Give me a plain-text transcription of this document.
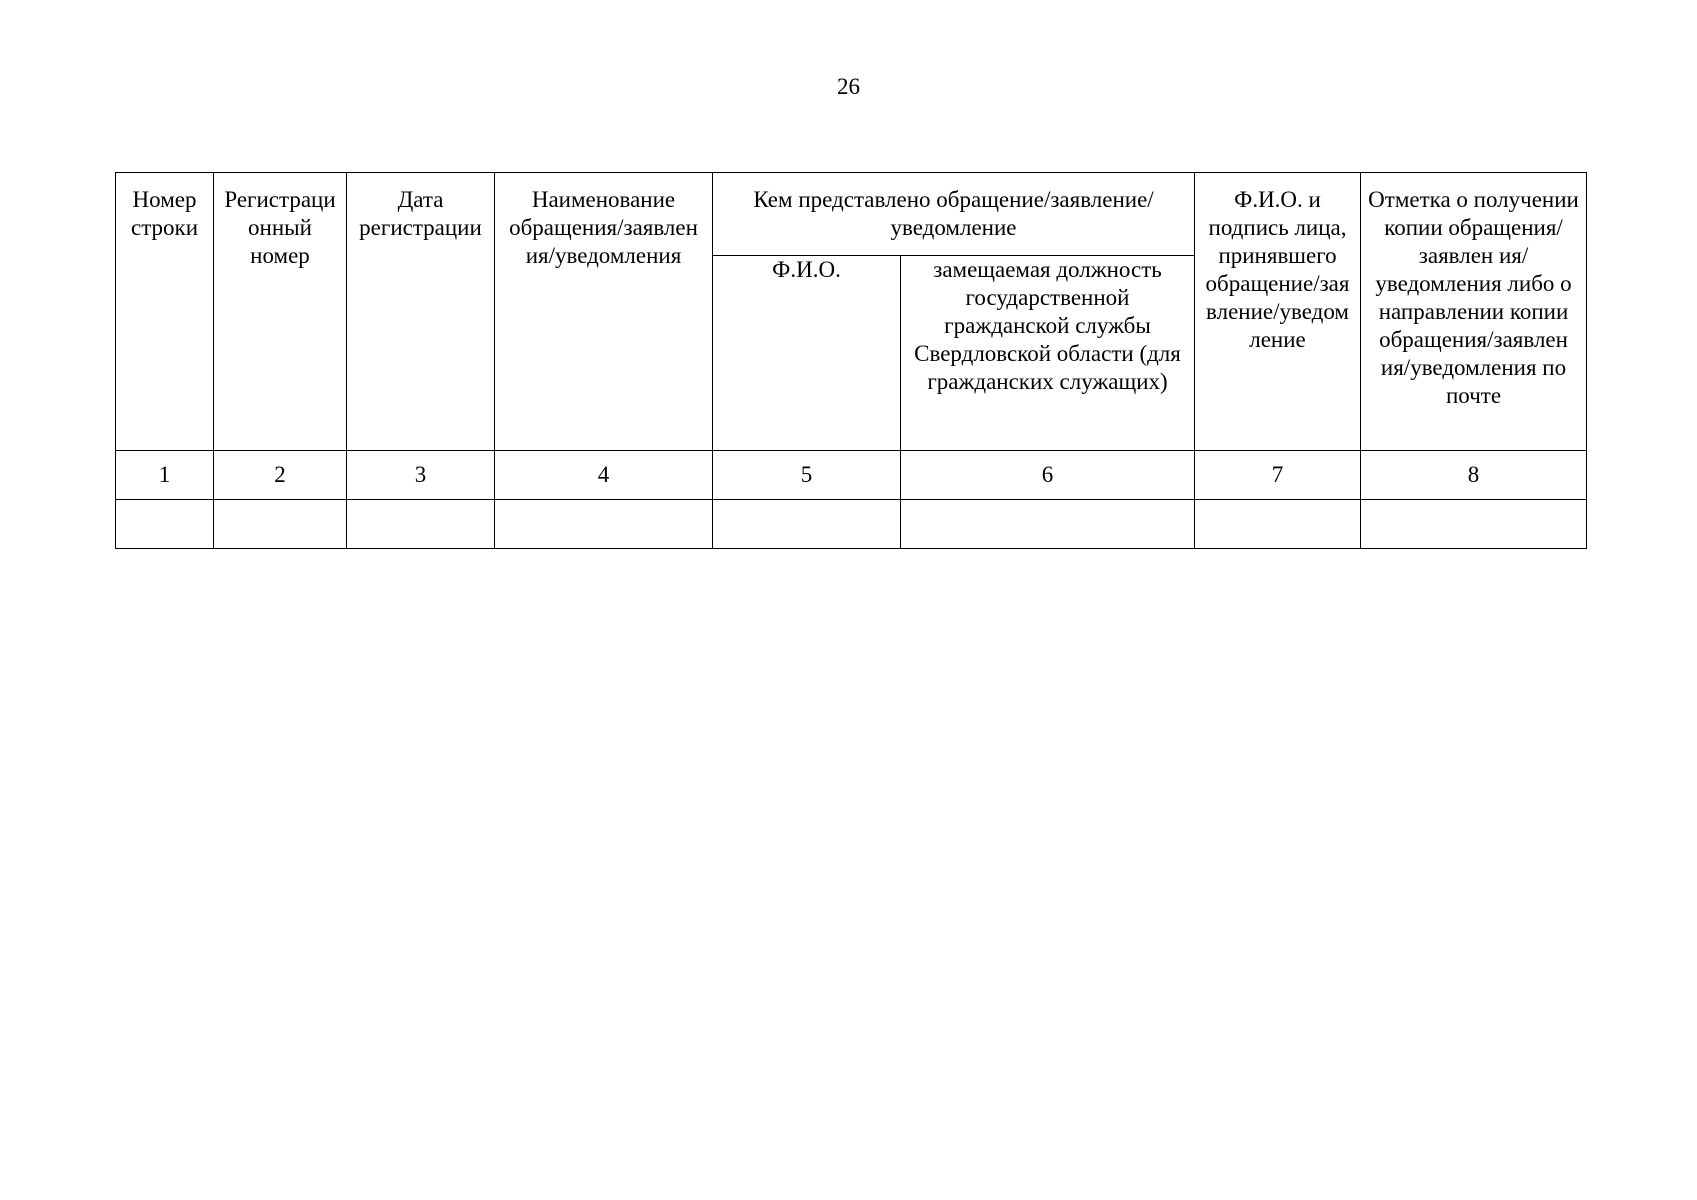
26
Номер строки	Регистраци онный номер	Дата регистрации	Наименование обращения/заявлен ия/уведомления	Кем представлено обращение/заявление/уведомление		Ф.И.О. и подпись лица, принявшего обращение/зая вление/уведом ление	Отметка о получении копии обращения/заявлен ия/уведомления либо о направлении копии обращения/заявлен ия/уведомления по почте
				Ф.И.О.	замещаемая должность государственной гражданской службы Свердловской области (для гражданских служащих)		
1	2	3	4	5	6	7	8
